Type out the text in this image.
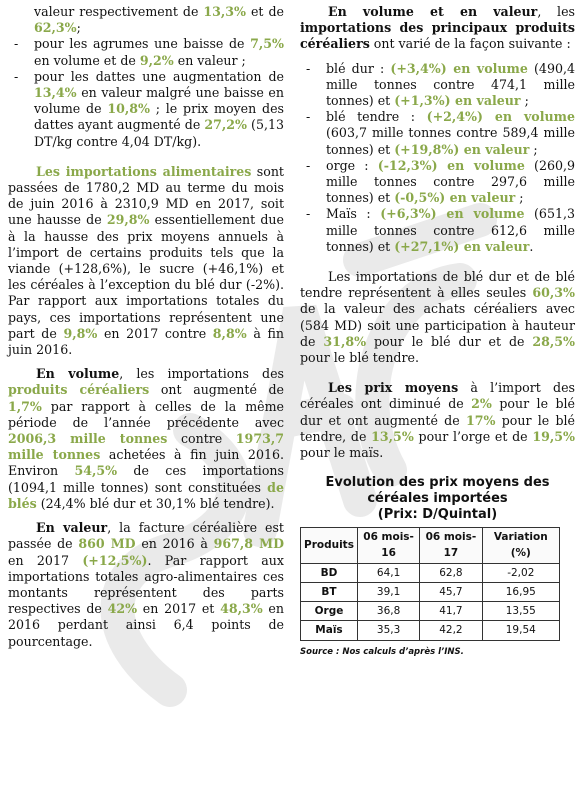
valeur respectivement de 13,3% et de 62,3%;
- pour les agrumes une baisse de 7,5% en volume et de 9,2% en valeur ;
- pour les dattes une augmentation de 13,4% en valeur malgré une baisse en volume de 10,8% ; le prix moyen des dattes ayant augmenté de 27,2% (5,13 DT/kg contre 4,04 DT/kg).

Les importations alimentaires sont passées de 1780,2 MD au terme du mois de juin 2016 à 2310,9 MD en 2017, soit une hausse de 29,8% essentiellement due à la hausse des prix moyens annuels à l’import de certains produits tels que la viande (+128,6%), le sucre (+46,1%) et les céréales à l’exception du blé dur (-2%). Par rapport aux importations totales du pays, ces importations représentent une part de 9,8% en 2017 contre 8,8% à fin juin 2016.

En volume, les importations des produits céréaliers ont augmenté de 1,7% par rapport à celles de la même période de l’année précédente avec 2006,3 mille tonnes contre 1973,7 mille tonnes achetées à fin juin 2016. Environ 54,5% de ces importations (1094,1 mille tonnes) sont constituées de blés (24,4% blé dur et 30,1% blé tendre).

En valeur, la facture céréalière est passée de 860 MD en 2016 à 967,8 MD en 2017 (+12,5%). Par rapport aux importations totales agro-alimentaires ces montants représentent des parts respectives de 42% en 2017 et 48,3% en 2016 perdant ainsi 6,4 points de pourcentage.

En volume et en valeur, les importations des principaux produits céréaliers ont varié de la façon suivante :

- blé dur : (+3,4%) en volume (490,4 mille tonnes contre 474,1 mille tonnes) et (+1,3%) en valeur ;
- blé tendre : (+2,4%) en volume (603,7 mille tonnes contre 589,4 mille tonnes) et (+19,8%) en valeur ;
- orge : (-12,3%) en volume (260,9 mille tonnes contre 297,6 mille tonnes) et (-0,5%) en valeur ;
- Maïs : (+6,3%) en volume (651,3 mille tonnes contre 612,6 mille tonnes) et (+27,1%) en valeur.

Les importations de blé dur et de blé tendre représentent à elles seules 60,3% de la valeur des achats céréaliers avec (584 MD) soit une participation à hauteur de 31,8% pour le blé dur et de 28,5% pour le blé tendre.

Les prix moyens à l’import des céréales ont diminué de 2% pour le blé dur et ont augmenté de 17% pour le blé tendre, de 13,5% pour l’orge et de 19,5% pour le maïs.

Evolution des prix moyens des
céréales importées
(Prix: D/Quintal)
Produits	06 mois-16	06 mois-17	Variation (%)
BD	64,1	62,8	-2,02
BT	39,1	45,7	16,95
Orge	36,8	41,7	13,55
Maïs	35,3	42,2	19,54
Source : Nos calculs d’après l’INS.
